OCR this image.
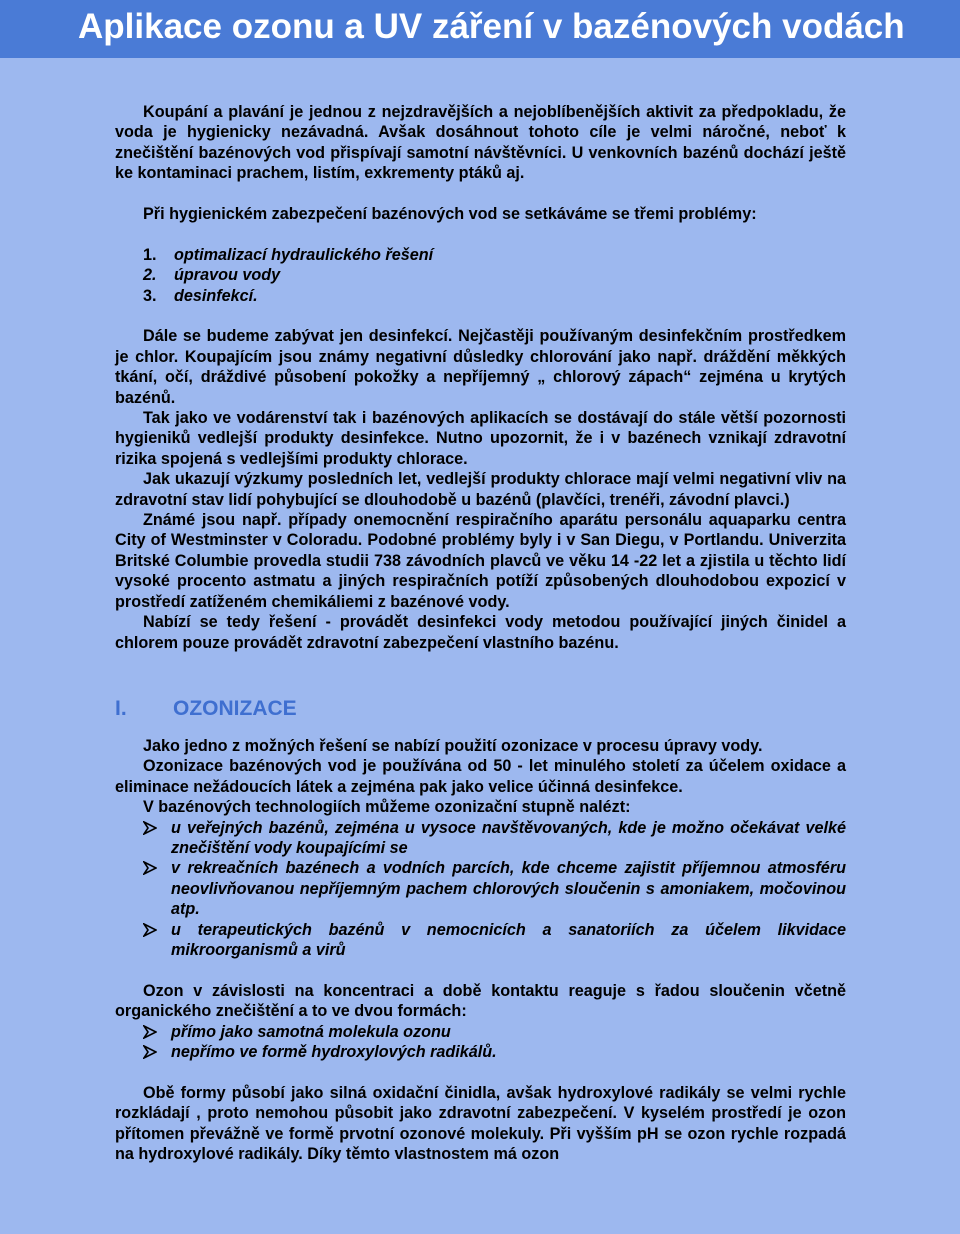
Aplikace ozonu a UV záření v bazénových vodách

Koupání a plavání je jednou z nejzdravějších a nejoblíbenějších aktivit za předpokladu, že voda je hygienicky nezávadná. Avšak dosáhnout tohoto cíle je velmi náročné, neboť k znečištění bazénových vod přispívají samotní návštěvníci. U venkovních bazénů dochází ještě ke kontaminaci prachem, listím, exkrementy ptáků aj.

Při hygienickém zabezpečení bazénových vod se setkáváme se třemi problémy:

1.	optimalizací hydraulického řešení
2.	úpravou vody
3.	desinfekcí.

Dále se budeme zabývat jen desinfekcí. Nejčastěji používaným desinfekčním prostředkem je chlor. Koupajícím jsou známy negativní důsledky chlorování jako např. dráždění měkkých tkání, očí, dráždivé působení pokožky a nepříjemný „ chlorový zápach“ zejména u krytých bazénů.

Tak jako ve vodárenství tak i bazénových aplikacích se dostávají do stále větší pozornosti hygieniků vedlejší produkty desinfekce. Nutno upozornit, že i v bazénech vznikají zdravotní rizika spojená s vedlejšími produkty chlorace.

Jak ukazují výzkumy posledních let, vedlejší produkty chlorace mají velmi negativní vliv na zdravotní stav lidí pohybující se dlouhodobě u bazénů (plavčíci, trenéři, závodní plavci.)

Známé jsou např. případy onemocnění respiračního aparátu personálu aquaparku centra City of Westminster v Coloradu. Podobné problémy byly i v San Diegu, v Portlandu. Univerzita Britské Columbie provedla studii 738 závodních plavců ve věku 14 -22 let a zjistila u těchto lidí vysoké procento astmatu a jiných respiračních potíží způsobených dlouhodobou expozicí v prostředí zatíženém chemikáliemi z bazénové vody.

Nabízí se tedy řešení - provádět desinfekci vody metodou používající jiných činidel a chlorem pouze provádět zdravotní zabezpečení vlastního bazénu.

I.	OZONIZACE

Jako jedno z možných řešení se nabízí použití ozonizace v procesu úpravy vody.

Ozonizace bazénových vod je používána od 50 - let minulého století za účelem oxidace a eliminace nežádoucích látek a zejména pak jako velice účinná desinfekce.

V bazénových technologiích můžeme ozonizační stupně nalézt:

u veřejných bazénů, zejména u vysoce navštěvovaných, kde je možno očekávat velké znečištění vody koupajícími se
v rekreačních bazénech a vodních parcích, kde chceme zajistit příjemnou atmosféru neovlivňovanou nepříjemným pachem chlorových sloučenin s amoniakem, močovinou atp.
u terapeutických bazénů v nemocnicích a sanatoriích za účelem likvidace mikroorganismů a virů

Ozon v závislosti na koncentraci a době kontaktu reaguje s řadou sloučenin včetně organického znečištění a to ve dvou formách:

přímo jako samotná molekula ozonu
nepřímo ve formě hydroxylových radikálů.

Obě formy působí jako silná oxidační činidla, avšak hydroxylové radikály se velmi rychle rozkládají , proto nemohou působit jako zdravotní zabezpečení. V kyselém prostředí je ozon přítomen převážně ve formě prvotní ozonové molekuly. Při vyšším pH se ozon rychle rozpadá na hydroxylové radikály. Díky těmto vlastnostem má ozon
